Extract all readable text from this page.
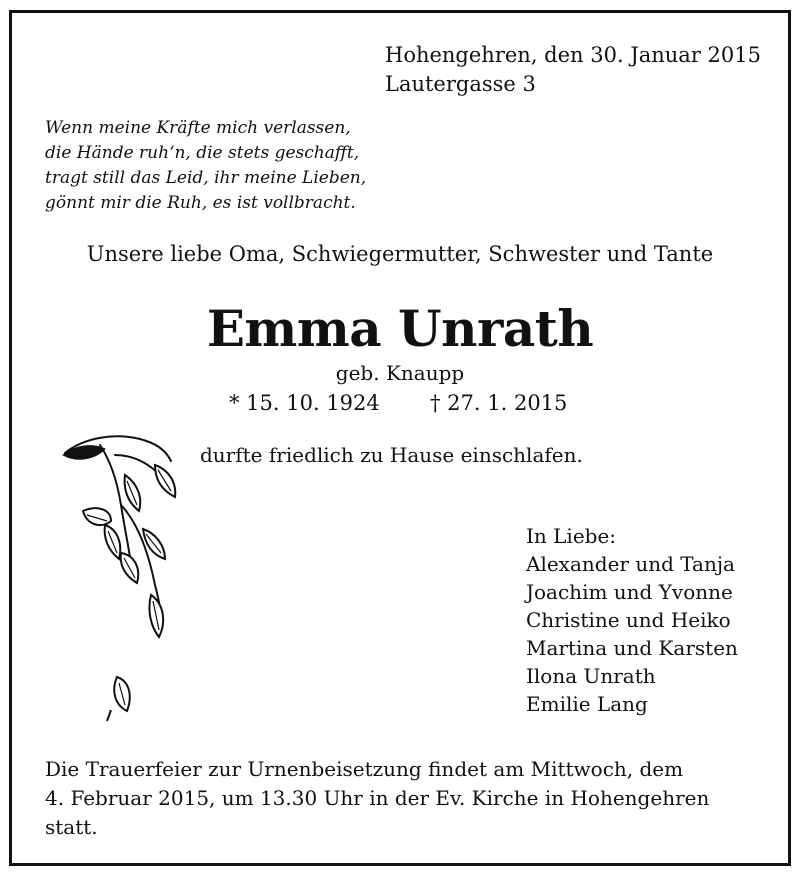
Hohengehren, den 30. Januar 2015
Lautergasse 3
Wenn meine Kräfte mich verlassen,
die Hände ruh‘n, die stets geschafft,
tragt still das Leid, ihr meine Lieben,
gönnt mir die Ruh, es ist vollbracht.
Unsere liebe Oma, Schwiegermutter, Schwester und Tante
Emma Unrath
geb. Knaupp
* 15. 10. 1924 † 27. 1. 2015
durfte friedlich zu Hause einschlafen.
In Liebe:
Alexander und Tanja
Joachim und Yvonne
Christine und Heiko
Martina und Karsten
Ilona Unrath
Emilie Lang
Die Trauerfeier zur Urnenbeisetzung findet am Mittwoch, dem
4. Februar 2015, um 13.30 Uhr in der Ev. Kirche in Hohengehren
statt.
